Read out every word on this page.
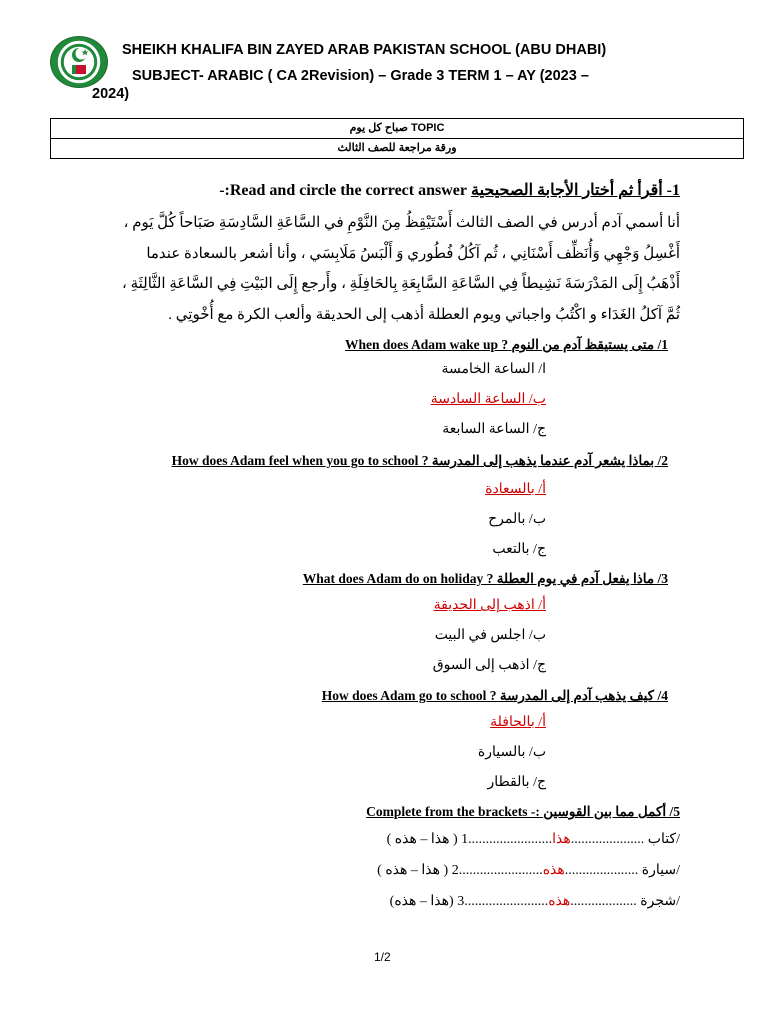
SHEIKH KHALIFA BIN ZAYED ARAB PAKISTAN SCHOOL (ABU DHABI)
SUBJECT- ARABIC ( CA 2Revision) – Grade 3 TERM 1 – AY (2023 –
2024)
صباح كل يوم TOPIC
ورقة مراجعة للصف الثالث
1- أقرأ ثم أختار الأجابة الصحيحية -:Read and circle the correct answer
أنا أسمي آدم أدرس في الصف الثالث أَسْتَيْقِظُ مِنَ النَّوْمِ في السَّاعَةِ السَّادِسَةِ صَبَاحاً كُلَّ يَوم ،
أَغْسِلُ وَجْهِي وَأُنَظِّف أَسْنَانِي ، ثُم آكُلُ فُطُوري وَ أَلْبَسُ مَلَابِسَي ، وأنا أشعر بالسعادة عندما
أَذْهَبُ إِلَى المَدْرَسَةَ نَشِيطاً فِي السَّاعَةِ السَّابِعَةِ بِالحَافِلَةِ ، وأَرجع إِلَى البَيْتِ فِي السَّاعَةِ الثَّالِثَةِ ،
ثُمَّ آكلُ الغَدَاء و اكْتُبُ واجباتي ويوم العطلة أذهب إلى الحديقة وألعب الكرة مع أُخْوتِي .
1/ متى يستيقظ آدم من النوم When does Adam wake up ?
ا/ الساعة الخامسة
ب/ الساعة السادسة
ج/ الساعة السابعة
2/ بماذا يشعر آدم عندما يذهب إلى المدرسة How does Adam feel when you go to school ?
أ/ بالسعادة
ب/ بالمرح
ج/ بالتعب
3/ ماذا يفعل آدم في يوم العطلة What does Adam do on holiday ?
أ/ اذهب إلى الحديقة
ب/ اجلس في البيت
ج/ اذهب إلى السوق
4/ كيف يذهب آدم إلى المدرسة How does Adam go to school ?
أ/ بالحافلة
ب/ بالسيارة
ج/ بالقطار
5/ أكمل مما بين القوسين Complete from the brackets -:
( هذا – هذه )	كتاب .....................هذا........................1/
( هذا – هذه )	سيارة .....................هذه........................2/
(هذا – هذه)	شجرة ...................هذه........................3/
1/2
